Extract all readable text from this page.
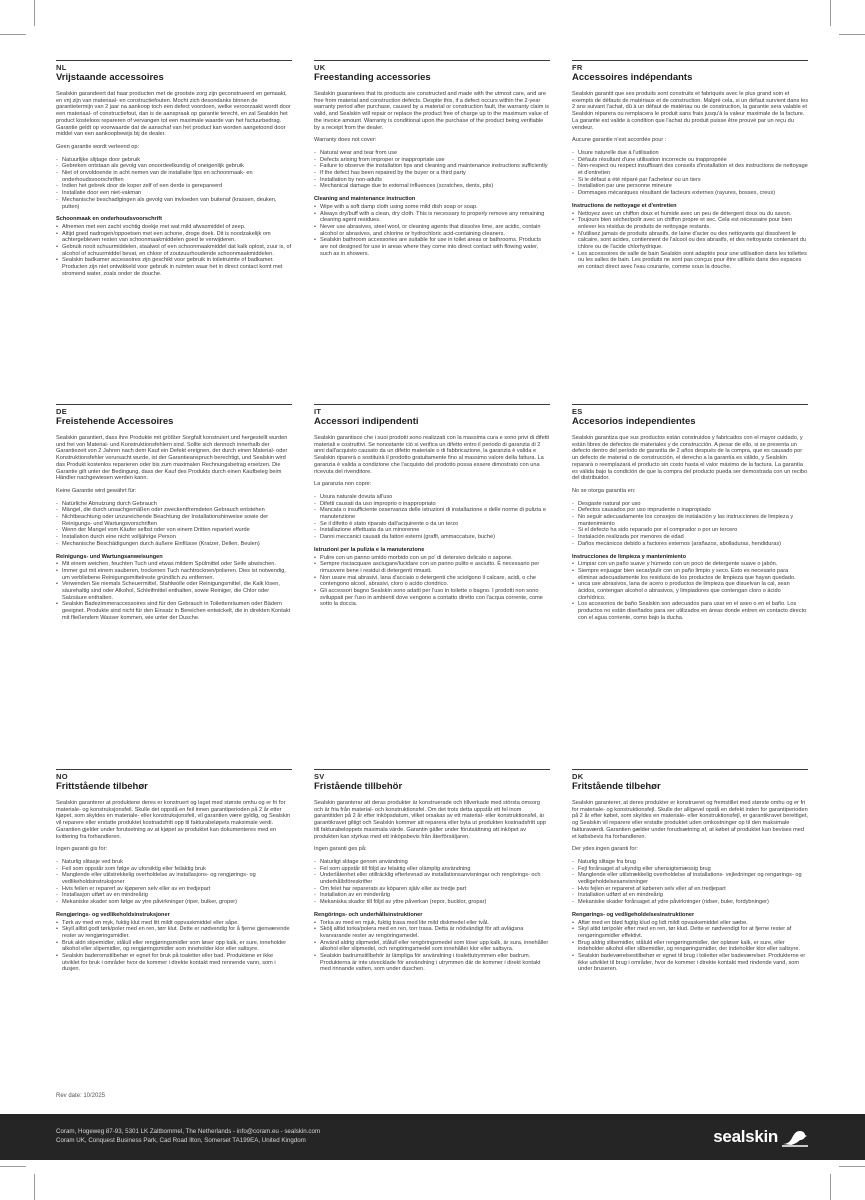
NL
Vrijstaande accessoires

Sealskin garandeert dat haar producten met de grootste zorg zijn geconstrueerd en gemaakt, en vrij zijn van materiaal- en constructiefouten. Mocht zich desondanks binnen de garantietermijn van 2 jaar na aankoop toch een defect voordoen, welke veroorzaakt wordt door een materiaal- of constructiefout, dan is de aanspraak op garantie terecht, en zal Sealskin het product kosteloos repareren of vervangen tot een maximale waarde van het factuurbedrag. Garantie geldt op voorwaarde dat de aanschaf van het product kan worden aangetoond door middel van een aankoopbewijs bij de dealer.

Geen garantie wordt verleend op:

- Natuurlijke slijtage door gebruik
- Gebreken ontstaan als gevolg van onoordeelkundig of oneigenlijk gebruik
- Niet of onvoldoende in acht nemen van de installatie tips en schoonmaak- en onderhoudsvoorschriften
- Indien het gebrek door de koper zelf of een derde is gerepareerd
- Installatie door een niet-vakman
- Mechanische beschadigingen als gevolg van invloeden van buitenaf (krassen, deuken, putten)
Schoonmaak en onderhoudsvoorschrift
• Afnemen met een zacht vochtig doekje met wat mild afwasmiddel of zeep.
• Altijd goed nadrogen/oppoetsen met een schone, droge doek. Dit is noodzakelijk om achtergebleven resten van schoonmaakmiddelen goed te verwijderen.
• Gebruik nooit schuurmiddelen, staalwol of een schoonmaakmiddel dat kalk oplost, zuur is, of alcohol of schuurmiddel bevat, en chloor of zoutzuurhoudende schoonmaakmiddelen.
• Sealskin badkamer accessoires zijn geschikt voor gebruik in toiletruimte of badkamer. Producten zijn niet ontwikkeld voor gebruik in ruimten waar het in direct contact komt met stromend water, zoals onder de douche.
UK
Freestanding accessories

Sealskin guarantees that its products are constructed and made with the utmost care, and are free from material and construction defects. Despite this, if a defect occurs within the 2-year warranty period after purchase, caused by a material or construction fault, the warranty claim is valid, and Sealskin will repair or replace the product free of charge up to the maximum value of the invoice amount. Warranty is conditional upon the purchase of the product being verifiable by a receipt from the dealer.

Warranty does not cover:

- Natural wear and tear from use
- Defects arising from improper or inappropriate use
- Failure to observe the installation tips and cleaning and maintenance instructions sufficiently
- If the defect has been repaired by the buyer or a third party
- Installation by non-adults
- Mechanical damage due to external influences (scratches, dents, pits)
Cleaning and maintenance instruction
• Wipe with a soft damp cloth using some mild dish soap or soap.
• Always dry/buff with a clean, dry cloth. This is necessary to properly remove any remaining cleaning agent residues.
• Never use abrasives, steel wool, or cleaning agents that dissolve lime, are acidic, contain alcohol or abrasives, and chlorine or hydrochloric acid-containing cleaners.
• Sealskin bathroom accessories are suitable for use in toilet areas or bathrooms. Products are not designed for use in areas where they come into direct contact with flowing water, such as in showers.
FR
Accessoires indépendants

Sealskin garantit que ses produits sont construits et fabriqués avec le plus grand soin et exempts de défauts de matériaux et de construction. Malgré cela, si un défaut survient dans les 2 ans suivant l'achat, dû à un défaut de matériau ou de construction, la garantie sera valable et Sealskin réparera ou remplacera le produit sans frais jusqu'à la valeur maximale de la facture. La garantie est valide à condition que l'achat du produit puisse être prouvé par un reçu du vendeur.

Aucune garantie n'est accordée pour :

- Usure naturelle due à l'utilisation
- Défauts résultant d'une utilisation incorrecte ou inappropriée
- Non-respect ou respect insuffisant des conseils d'installation et des instructions de nettoyage et d'entretien
- Si le défaut a été réparé par l'acheteur ou un tiers
- Installation par une personne mineure
- Dommages mécaniques résultant de facteurs externes (rayures, bosses, creux)
Instructions de nettoyage et d'entretien
• Nettoyez avec un chiffon doux et humide avec un peu de détergent doux ou du savon.
• Toujours bien sécher/polir avec un chiffon propre et sec. Cela est nécessaire pour bien enlever les résidus de produits de nettoyage restants.
• N'utilisez jamais de produits abrasifs, de laine d'acier ou des nettoyants qui dissolvent le calcaire, sont acides, contiennent de l'alcool ou des abrasifs, et des nettoyants contenant du chlore ou de l'acide chlorhydrique.
• Les accessoires de salle de bain Sealskin sont adaptés pour une utilisation dans les toilettes ou les salles de bain. Les produits ne sont pas conçus pour être utilisés dans des espaces en contact direct avec l'eau courante, comme sous la douche.
DE
Freistehende Accessoires

Sealskin garantiert, dass ihre Produkte mit größter Sorgfalt konstruiert und hergestellt wurden und frei von Material- und Konstruktionsfehlern sind. Sollte sich dennoch innerhalb der Garantiezeit von 2 Jahren nach dem Kauf ein Defekt ereignen, der durch einen Material- oder Konstruktionsfehler verursacht wurde, ist der Garantieanspruch berechtigt, und Sealskin wird das Produkt kostenlos reparieren oder bis zum maximalen Rechnungsbetrag ersetzen. Die Garantie gilt unter der Bedingung, dass der Kauf des Produkts durch einen Kaufbeleg beim Händler nachgewiesen werden kann.

Keine Garantie wird gewährt für:

- Natürliche Abnutzung durch Gebrauch
- Mängel, die durch unsachgemäßen oder zweckentfremdeten Gebrauch entstehen
- Nichtbeachtung oder unzureichende Beachtung der Installationshinweise sowie der Reinigungs- und Wartungsvorschriften
- Wenn der Mangel vom Käufer selbst oder von einem Dritten repariert wurde
- Installation durch eine nicht volljährige Person
- Mechanische Beschädigungen durch äußere Einflüsse (Kratzer, Dellen, Beulen)
Reinigungs- und Wartungsanweisungen
• Mit einem weichen, feuchten Tuch und etwas mildem Spülmittel oder Seife abwischen.
• Immer gut mit einem sauberen, trockenen Tuch nachtrocknen/polieren. Dies ist notwendig, um verbliebene Reinigungsmittelreste gründlich zu entfernen.
• Verwenden Sie niemals Scheuermittel, Stahlwolle oder Reinigungsmittel, die Kalk lösen, säurehaltig sind oder Alkohol, Schleifmittel enthalten, sowie Reiniger, die Chlor oder Salzsäure enthalten.
• Sealskin Badezimmeraccessoires sind für den Gebrauch in Toilettenräumen oder Bädern geeignet. Produkte sind nicht für den Einsatz in Bereichen entwickelt, die in direkten Kontakt mit fließendem Wasser kommen, wie unter der Dusche.
IT
Accessori indipendenti

Sealskin garantisce che i suoi prodotti sono realizzati con la massima cura e sono privi di difetti materiali e costruttivi. Se nonostante ciò si verifica un difetto entro il periodo di garanzia di 2 anni dall'acquisto causato da un difetto materiale o di fabbricazione, la garanzia è valida e Sealskin riparerà o sostituirà il prodotto gratuitamente fino al massimo valore della fattura. La garanzia è valida a condizione che l'acquisto del prodotto possa essere dimostrato con una ricevuta del rivenditore.

La garanzia non copre:

- Usura naturale dovuta all'uso
- Difetti causati da uso improprio o inappropriato
- Mancata o insufficiente osservanza delle istruzioni di installazione e delle norme di pulizia e manutenzione
- Se il difetto è stato riparato dall'acquirente o da un terzo
- Installazione effettuata da un minorenne
- Danni meccanici causati da fattori esterni (graffi, ammaccature, buche)
Istruzioni per la pulizia e la manutenzione
• Pulire con un panno umido morbido con un po' di detersivo delicato o sapone.
• Sempre risciacquare asciugare/lucidare con un panno pulito e asciutto. È necessario per rimuovere bene i residui di detergenti rimasti.
• Non usare mai abrasivi, lana d'acciaio o detergenti che sciolgono il calcare, acidi, o che contengono alcool, abrasivi, cloro o acido cloridrico.
• Gli accessori bagno Sealskin sono adatti per l'uso in toilette o bagno. I prodotti non sono sviluppati per l'uso in ambienti dove vengono a contatto diretto con l'acqua corrente, come sotto la doccia.
ES
Accesorios independientes

Sealskin garantiza que sus productos están construidos y fabricados con el mayor cuidado, y están libres de defectos de materiales y de construcción. A pesar de ello, si se presenta un defecto dentro del período de garantía de 2 años después de la compra, que es causado por un defecto de material o de construcción, el derecho a la garantía es válido, y Sealskin reparará o reemplazará el producto sin costo hasta el valor máximo de la factura. La garantía es válida bajo la condición de que la compra del producto pueda ser demostrada con un recibo del distribuidor.

No se otorga garantía en:

- Desgaste natural por uso
- Defectos causados por uso imprudente o inapropiado
- No seguir adecuadamente los consejos de instalación y las instrucciones de limpieza y mantenimiento
- Si el defecto ha sido reparado por el comprador o por un tercero
- Instalación realizada por menores de edad
- Daños mecánicos debido a factores externos (arañazos, abolladuras, hendiduras)
Instrucciones de limpieza y mantenimiento
• Limpiar con un paño suave y húmedo con un poco de detergente suave o jabón.
• Siempre enjuagar bien secar/pulir con un paño limpio y seco. Esto es necesario para eliminar adecuadamente los residuos de los productos de limpieza que hayan quedado.
• unca use abrasivos, lana de acero o productos de limpieza que disuelvan la cal, sean ácidos, contengan alcohol o abrasivos, y limpiadores que contengan cloro o ácido clorhídrico.
• Los accesorios de baño Sealskin son adecuados para usar en el aseo o en el baño. Los productos no están diseñados para ser utilizados en áreas donde entren en contacto directo con el agua corriente, como bajo la ducha.
NO
Frittstående tilbehør

Sealskin garanterer at produktene deres er konstruert og laget med største omhu og er fri for materiale- og konstruksjonsfeil. Skulle det oppstå en feil innen garantiperioden på 2 år etter kjøpet, som skyldes en materiale- eller konstruksjonsfeil, vil garantien være gyldig, og Sealskin vil reparere eller erstatte produktet kostnadsfritt opp til fakturabeløpets maksimale verdi. Garantien gjelder under forutsetning av at kjøpet av produktet kan dokumenteres med en kvittering fra forhandleren.

Ingen garanti gis for:

- Naturlig slitasje ved bruk
- Feil som oppstår som følge av uforsiktig eller feilaktig bruk
- Manglende eller utilstrekkelig overholdelse av installasjons- og rengjørings- og vedlikeholdsinstruksjoner
- Hvis feilen er reparert av kjøperen selv eller av en tredjepart
- Installasjon utført av en mindreårig
- Mekaniske skader som følge av ytre påvirkninger (riper, bulker, groper)
Rengjørings- og vedlikeholdsinstruksjoner
• Tørk av med en myk, fuktig klut med litt mildt oppvaskmiddel eller såpe.
• Skyll alltid godt tørk/poler med en ren, tørr klut. Dette er nødvendig for å fjerne gjenværende rester av rengjøringsmidler.
• Bruk aldri slipemidler, stålull eller rengjøringsmidler som løser opp kalk, er sure, inneholder alkohol eller slipemidler, og rengjøringsmidler som inneholder klor eller saltsyre.
• Sealskin baderomstilbehør er egnet for bruk på toaletter eller bad. Produktene er ikke utviklet for bruk i områder hvor de kommer i direkte kontakt med rennende vann, som i dusjen.
SV
Fristående tillbehör

Sealskin garanterar att deras produkter är konstruerade och tillverkade med största omsorg och är fria från material- och konstruktionsfel. Om det trots detta uppstår ett fel inom garantitiden på 2 år efter inköpsdatum, vilket orsakas av ett material- eller konstruktionsfel, är garantikravet giltigt och Sealskin kommer att reparera eller byta ut produkten kostnadsfritt upp till fakturabeloppets maximala värde. Garantin gäller under förutsättning att inköpet av produkten kan styrkas med ett inköpsbevis från återförsäljaren.

Ingen garanti ges på:

- Naturligt slitage genom användning
- Fel som uppstår till följd av felaktig eller olämplig användning
- Underlåtenhet eller otillräcklig efterlevnad av installationsanvisningar och rengörings- och underhållsföreskrifter
- Om felet har reparerats av köparen själv eller av tredje part
- Installation av en minderårig
- Mekaniska skador till följd av yttre påverkan (repor, bucklor, gropar)
Rengörings- och underhållsinstruktioner
• Torka av med en mjuk, fuktig trasa med lite mild diskmedel eller tvål.
• Skölj alltid torka/polera med en ren, torr trasa. Detta är nödvändigt för att avlägsna kvarvarande rester av rengöringsmedel.
• Använd aldrig slipmedel, stålull eller rengöringsmedel som löser upp kalk, är sura, innehåller alkohol eller slipmedel, och rengöringsmedel som innehåller klor eller saltsyra.
• Sealskin badrumstillbehör är lämpliga för användning i toalettutrymmen eller badrum. Produkterna är inte utvecklade för användning i utrymmen där de kommer i direkt kontakt med rinnande vatten, som under duschen.
DK
Fritstående tilbehør

Sealskin garanterer, at deres produkter er konstrueret og fremstillet med største omhu og er fri for materiale- og konstruktionsfejl. Skulle der alligevel opstå en defekt inden for garantiperioden på 2 år efter købet, som skyldes en materiale- eller konstruktionsfejl, er garantikravet berettiget, og Sealskin vil reparere eller erstatte produktet uden omkostninger op til den maksimale fakturaværdi. Garantien gælder under forudsætning af, at købet af produktet kan bevises med et købsbevis fra forhandleren.

Der ydes ingen garanti for:

- Naturlig slitage fra brug
- Fejl forårsaget af ukyndig eller uhensigtsmæssig brug
- Manglende eller utilstrækkelig overholdelse af installations- vejledninger og rengørings- og vedligeholdelsesanvisninger
- Hvis fejlen er repareret af køberen selv eller af en tredjepart
- Installation udført af en mindreårig
- Mekaniske skader forårsaget af ydre påvirkninger (ridser, buler, fordybninger)
Rengørings- og vedligeholdelsesinstruktioner
• Aftør med en blød fugtig klud og lidt mildt opvaskemiddel eller sæbe.
• Skyl altid tør/polér efter med en ren, tør klud. Dette er nødvendigt for at fjerne rester af rengøringsmidler effektivt.
• Brug aldrig slibemidler, ståluld eller rengøringsmidler, der opløser kalk, er sure, eller indeholder alkohol eller slibemidler, og rengøringsmidler, der indeholder klor eller saltsyre.
• Sealskin badeværelsestilbehør er egnet til brug i toiletter eller badeværelser. Produkterne er ikke udviklet til brug i områder, hvor de kommer i direkte kontakt med rindende vand, som under bruseren.
Rev date: 10/2025
Coram, Hogeweg 87-93, 5301 LK Zaltbommel, The Netherlands - info@coram.eu - sealskin.com
Coram UK, Conquest Business Park, Cad Road Ilton, Somerset TA199EA, United Kingdom	sealskin
